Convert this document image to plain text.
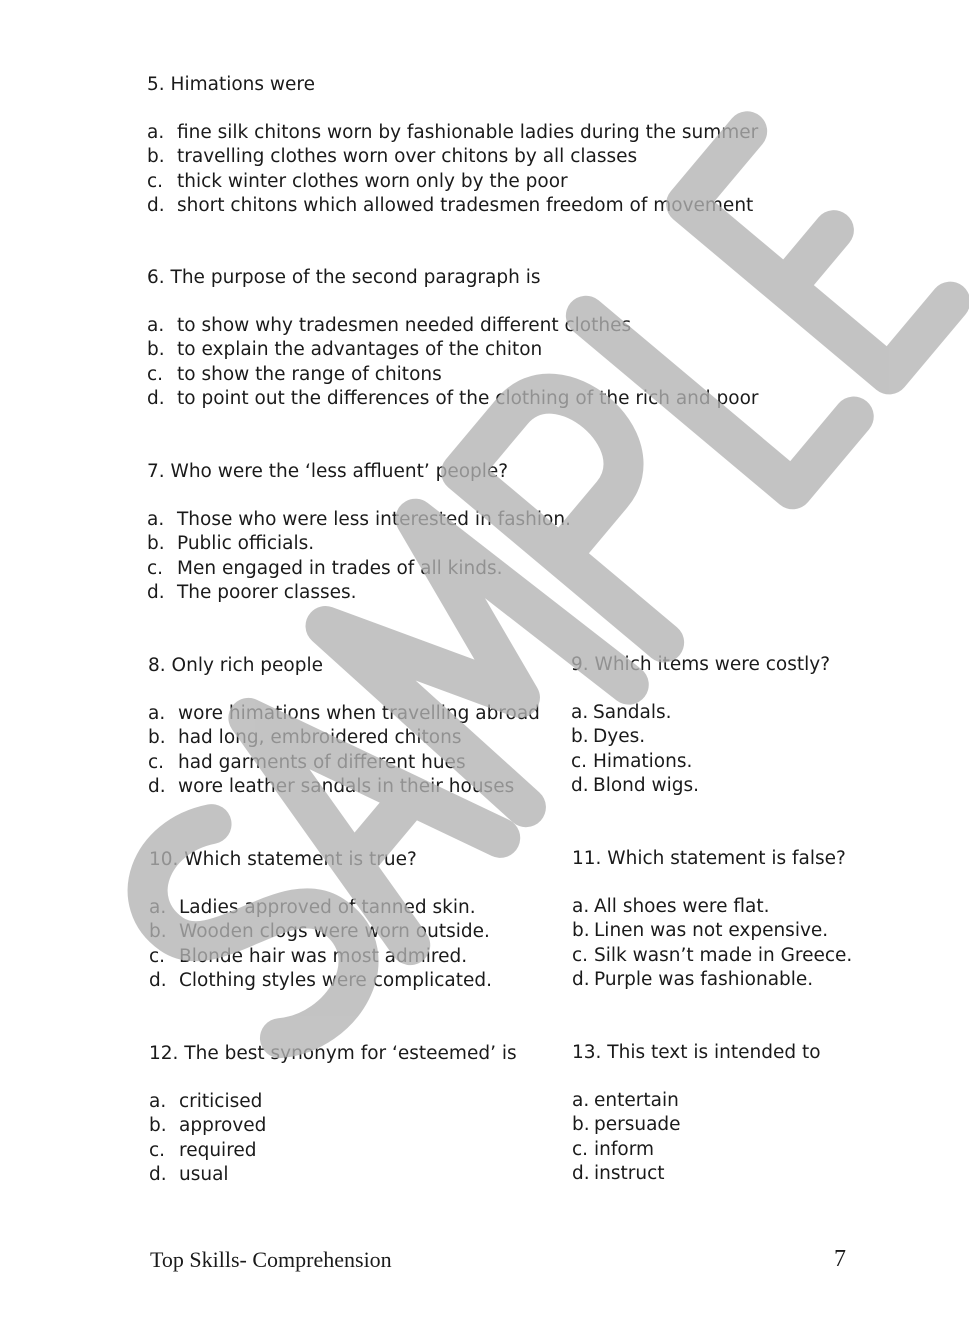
5. Himations were
a. fine silk chitons worn by fashionable ladies during the summer
b. travelling clothes worn over chitons by all classes
c. thick winter clothes worn only by the poor
d. short chitons which allowed tradesmen freedom of movement
6. The purpose of the second paragraph is
a. to show why tradesmen needed different clothes
b. to explain the advantages of the chiton
c. to show the range of chitons
d. to point out the differences of the clothing of the rich and poor
7. Who were the ‘less affluent’ people?
a. Those who were less interested in fashion.
b. Public officials.
c. Men engaged in trades of all kinds.
d. The poorer classes.
8. Only rich people
a. wore himations when travelling abroad
b. had long, embroidered chitons
c. had garments of different hues
d. wore leather sandals in their houses
9. Which items were costly?
a. Sandals.
b. Dyes.
c. Himations.
d. Blond wigs.
10. Which statement is true?
a. Ladies approved of tanned skin.
b. Wooden clogs were worn outside.
c. Blonde hair was most admired.
d. Clothing styles were complicated.
11. Which statement is false?
a. All shoes were flat.
b. Linen was not expensive.
c. Silk wasn’t made in Greece.
d. Purple was fashionable.
12. The best synonym for ‘esteemed’ is
a. criticised
b. approved
c. required
d. usual
13. This text is intended to
a. entertain
b. persuade
c. inform
d. instruct
Top Skills- Comprehension	7
